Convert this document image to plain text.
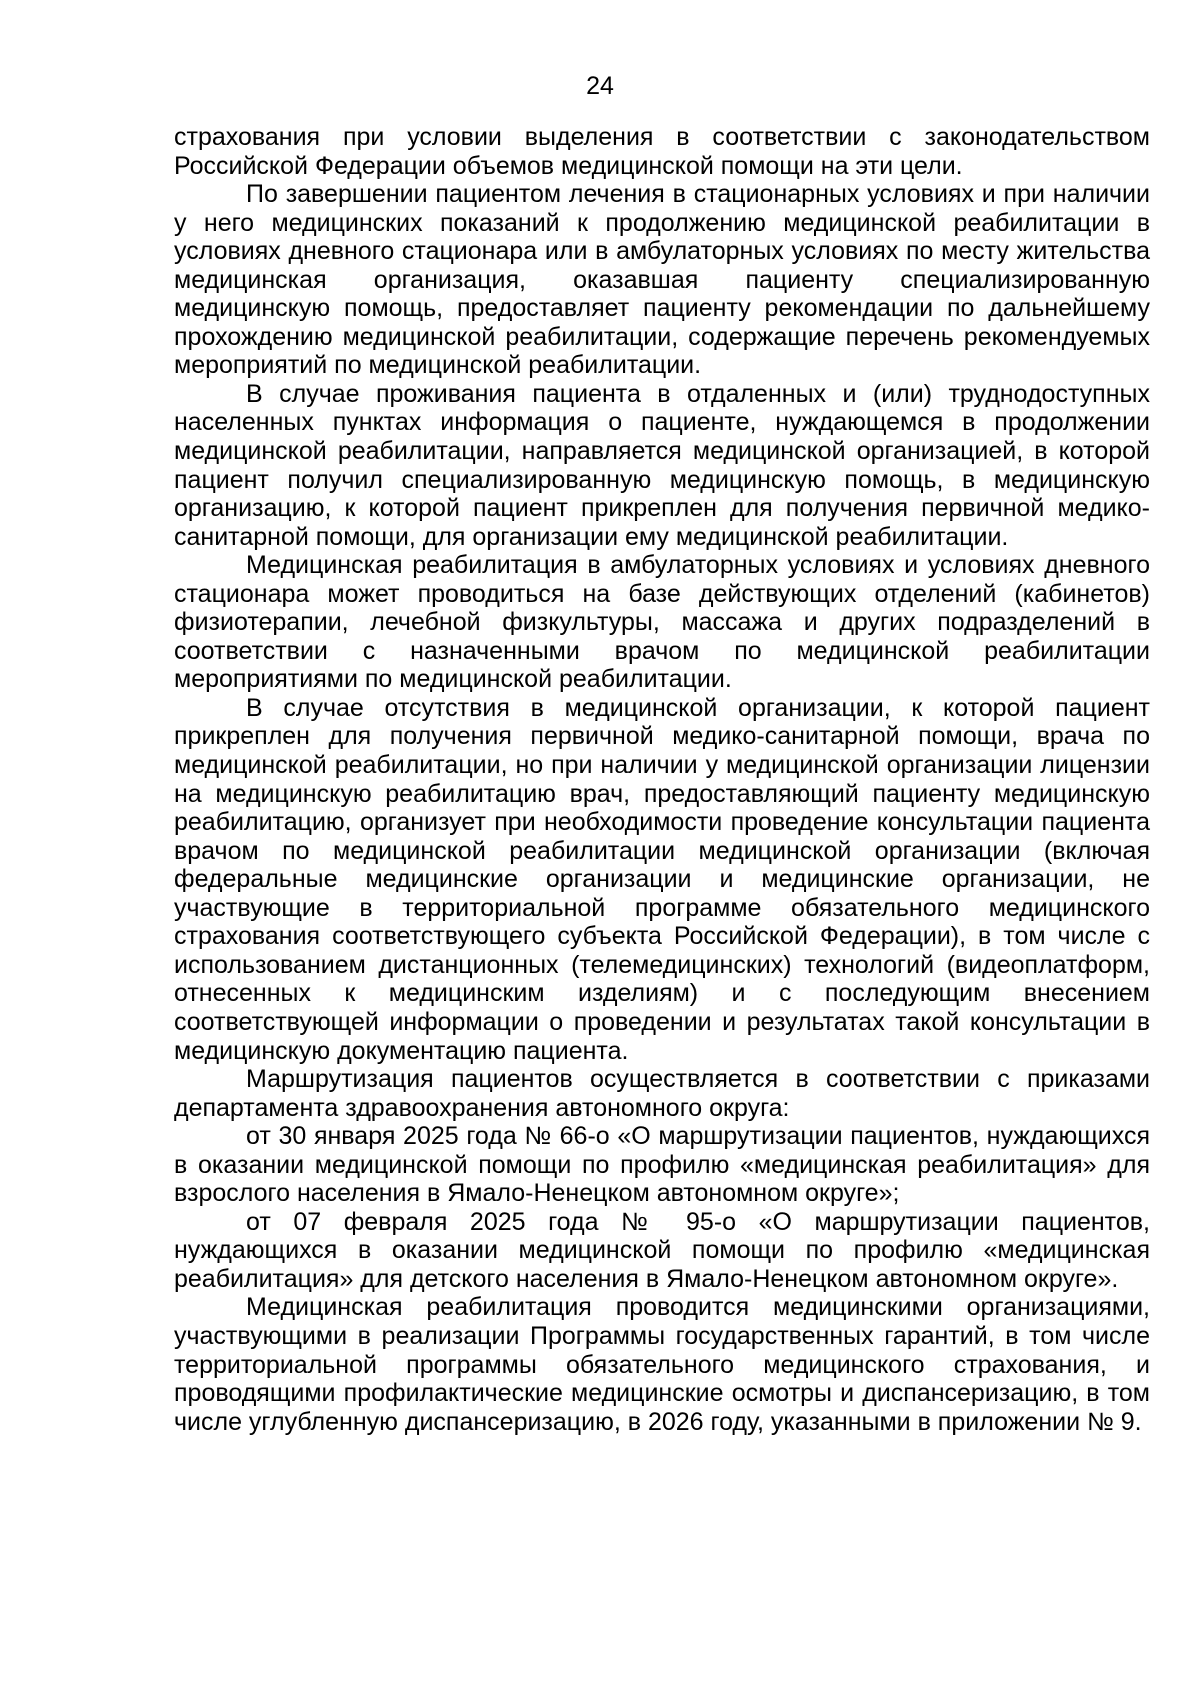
24

страхования при условии выделения в соответствии с законодательством Российской Федерации объемов медицинской помощи на эти цели.

По завершении пациентом лечения в стационарных условиях и при наличии у него медицинских показаний к продолжению медицинской реабилитации в условиях дневного стационара или в амбулаторных условиях по месту жительства медицинская организация, оказавшая пациенту специализированную медицинскую помощь, предоставляет пациенту рекомендации по дальнейшему прохождению медицинской реабилитации, содержащие перечень рекомендуемых мероприятий по медицинской реабилитации.

В случае проживания пациента в отдаленных и (или) труднодоступных населенных пунктах информация о пациенте, нуждающемся в продолжении медицинской реабилитации, направляется медицинской организацией, в которой пациент получил специализированную медицинскую помощь, в медицинскую организацию, к которой пациент прикреплен для получения первичной медико-санитарной помощи, для организации ему медицинской реабилитации.

Медицинская реабилитация в амбулаторных условиях и условиях дневного стационара может проводиться на базе действующих отделений (кабинетов) физиотерапии, лечебной физкультуры, массажа и других подразделений в соответствии с назначенными врачом по медицинской реабилитации мероприятиями по медицинской реабилитации.

В случае отсутствия в медицинской организации, к которой пациент прикреплен для получения первичной медико-санитарной помощи, врача по медицинской реабилитации, но при наличии у медицинской организации лицензии на медицинскую реабилитацию врач, предоставляющий пациенту медицинскую реабилитацию, организует при необходимости проведение консультации пациента врачом по медицинской реабилитации медицинской организации (включая федеральные медицинские организации и медицинские организации, не участвующие в территориальной программе обязательного медицинского страхования соответствующего субъекта Российской Федерации), в том числе с использованием дистанционных (телемедицинских) технологий (видеоплатформ, отнесенных к медицинским изделиям) и с последующим внесением соответствующей информации о проведении и результатах такой консультации в медицинскую документацию пациента.

Маршрутизация пациентов осуществляется в соответствии с приказами департамента здравоохранения автономного округа:

от 30 января 2025 года № 66-о «О маршрутизации пациентов, нуждающихся в оказании медицинской помощи по профилю «медицинская реабилитация» для взрослого населения в Ямало-Ненецком автономном округе»;

от 07 февраля 2025 года № 95-о «О маршрутизации пациентов, нуждающихся в оказании медицинской помощи по профилю «медицинская реабилитация» для детского населения в Ямало-Ненецком автономном округе».

Медицинская реабилитация проводится медицинскими организациями, участвующими в реализации Программы государственных гарантий, в том числе территориальной программы обязательного медицинского страхования, и проводящими профилактические медицинские осмотры и диспансеризацию, в том числе углубленную диспансеризацию, в 2026 году, указанными в приложении № 9.
